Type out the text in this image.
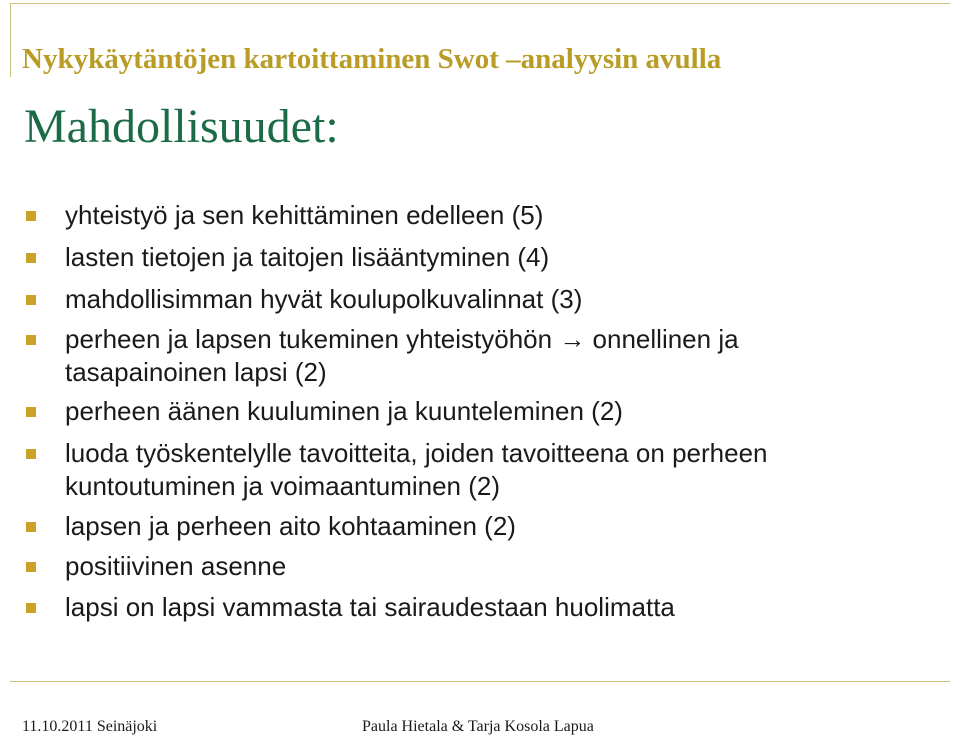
Nykykäytäntöjen kartoittaminen Swot –analyysin avulla
Mahdollisuudet:
yhteistyö ja sen kehittäminen edelleen (5)
lasten tietojen ja taitojen lisääntyminen (4)
mahdollisimman hyvät koulupolkuvalinnat (3)
perheen ja lapsen tukeminen yhteistyöhön → onnellinen ja
tasapainoinen lapsi (2)
perheen äänen kuuluminen ja kuunteleminen (2)
luoda työskentelylle tavoitteita, joiden tavoitteena on perheen
kuntoutuminen ja voimaantuminen (2)
lapsen ja perheen aito kohtaaminen (2)
positiivinen asenne
lapsi on lapsi vammasta tai sairaudestaan huolimatta
11.10.2011 Seinäjoki	Paula Hietala & Tarja Kosola Lapua
